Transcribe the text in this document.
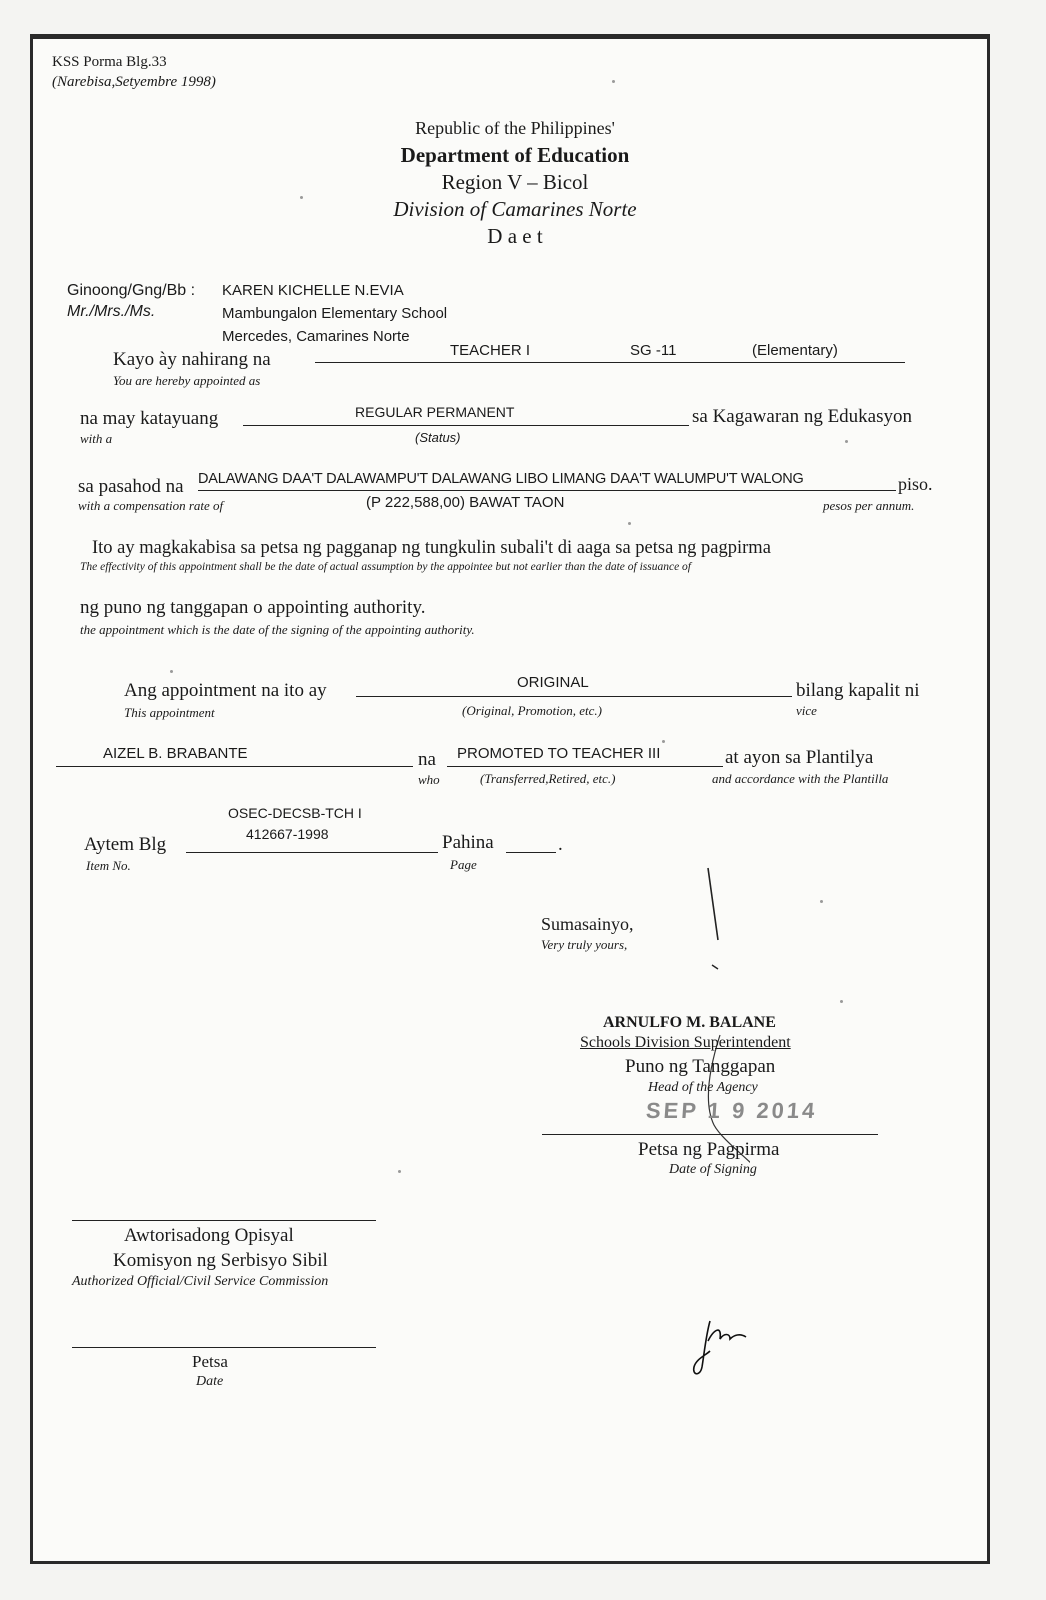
KSS Porma Blg.33
(Narebisa,Setyembre 1998)
Republic of the Philippines'
Department of Education
Region V – Bicol
Division of Camarines Norte
D a e t
Ginoong/Gng/Bb :
Mr./Mrs./Ms.
KAREN KICHELLE N.EVIA
Mambungalon Elementary School
Mercedes, Camarines Norte
Kayo ày nahirang na
You are hereby appointed as
TEACHER I	SG -11	(Elementary)
na may katayuang
with a
REGULAR PERMANENT
(Status)
sa Kagawaran ng Edukasyon
sa pasahod na
with a compensation rate of
DALAWANG DAA'T DALAWAMPU'T DALAWANG LIBO LIMANG DAA'T WALUMPU'T WALONG
(P 222,588,00) BAWAT TAON
piso.
pesos per annum.
Ito ay magkakabisa sa petsa ng pagganap ng tungkulin subali't di aaga sa petsa ng pagpirma
The effectivity of this appointment shall be the date of actual assumption by the appointee but not earlier than the date of issuance of
ng puno ng tanggapan o appointing authority.
the appointment which is the date of the signing of the appointing authority.
Ang appointment na ito ay
This appointment
ORIGINAL
(Original, Promotion, etc.)
bilang kapalit ni
vice
AIZEL B. BRABANTE	na
who
PROMOTED TO TEACHER III
(Transferred,Retired, etc.)
at ayon sa Plantilya
and accordance with the Plantilla
OSEC-DECSB-TCH I
412667-1998
Aytem Blg
Item No.
Pahina
Page
.
Sumasainyo,
Very truly yours,
ARNULFO M. BALANE
Schools Division Superintendent
Puno ng Tanggapan
Head of the Agency
SEP 1 9 2014
Petsa ng Pagpirma
Date of Signing
Awtorisadong Opisyal
Komisyon ng Serbisyo Sibil
Authorized Official/Civil Service Commission
Petsa
Date
